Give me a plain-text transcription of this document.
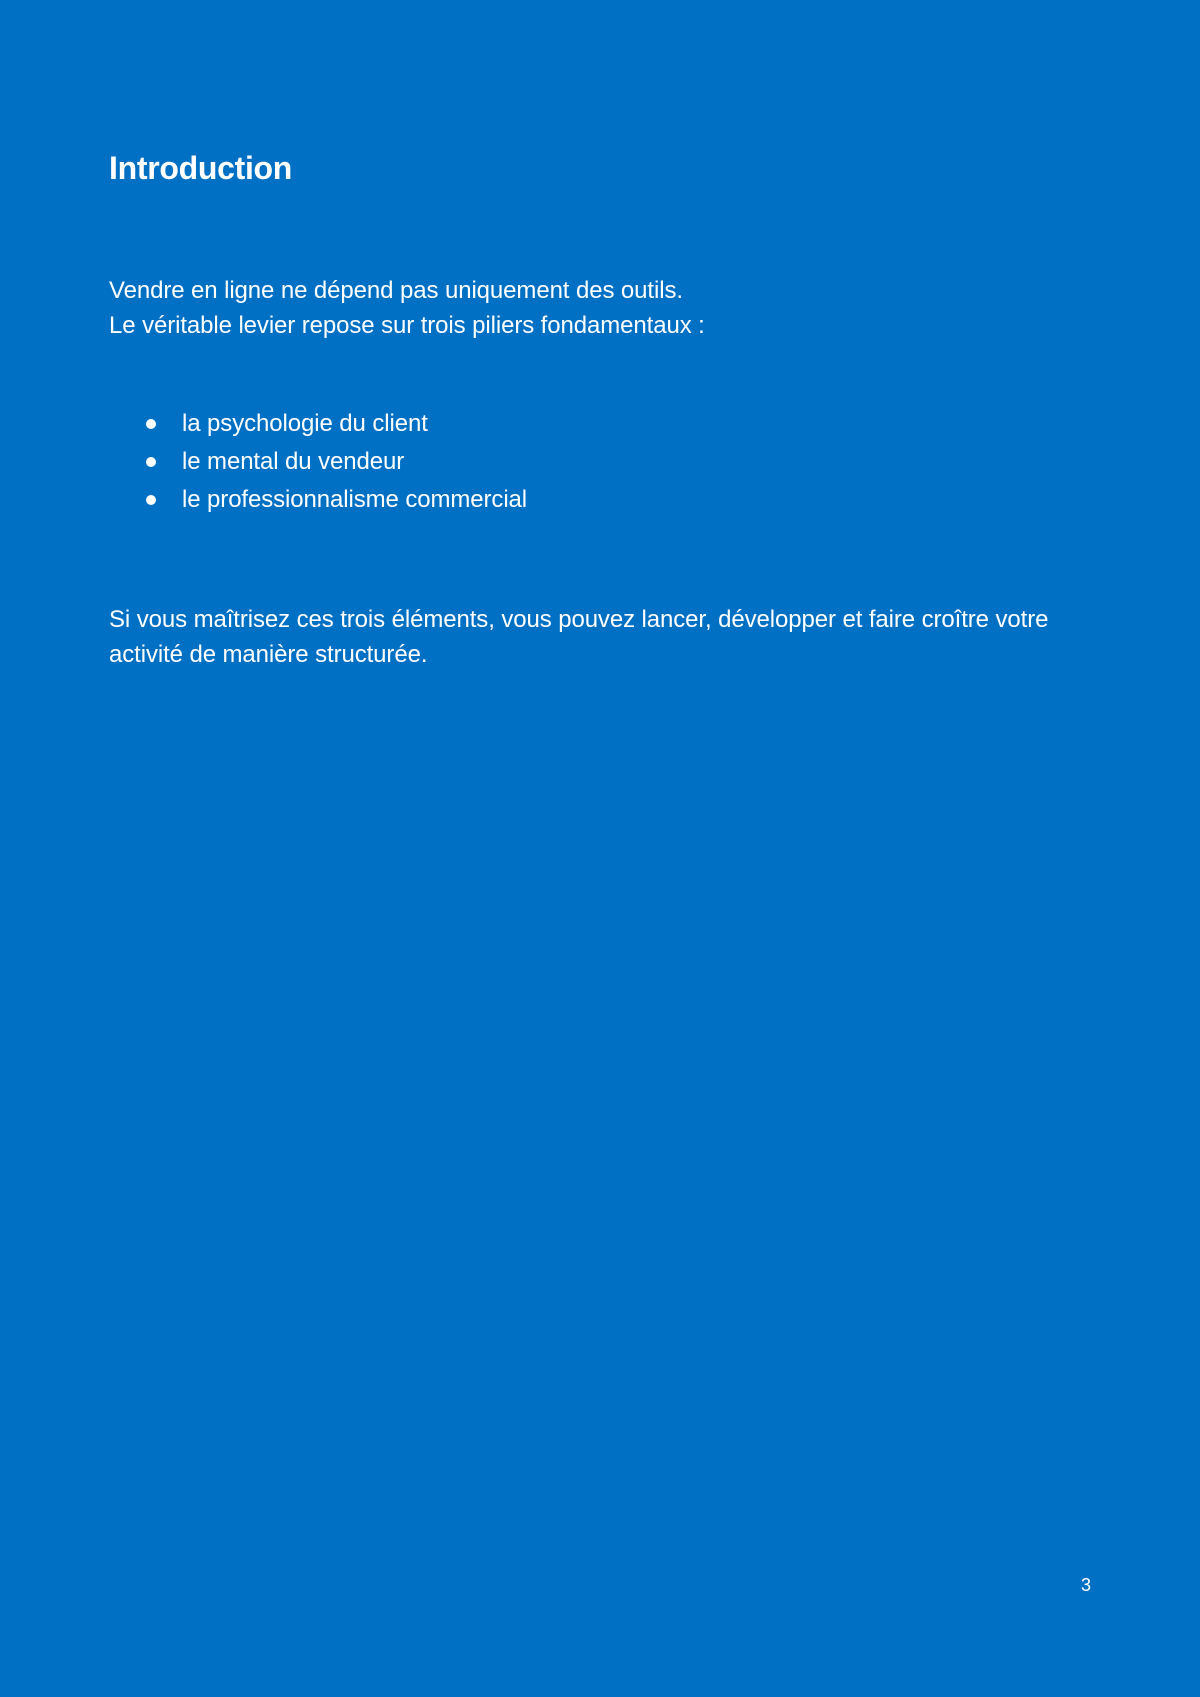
Introduction

Vendre en ligne ne dépend pas uniquement des outils.

Le véritable levier repose sur trois piliers fondamentaux :

la psychologie du client
le mental du vendeur
le professionnalisme commercial

Si vous maîtrisez ces trois éléments, vous pouvez lancer, développer et faire croître votre activité de manière structurée.

3
